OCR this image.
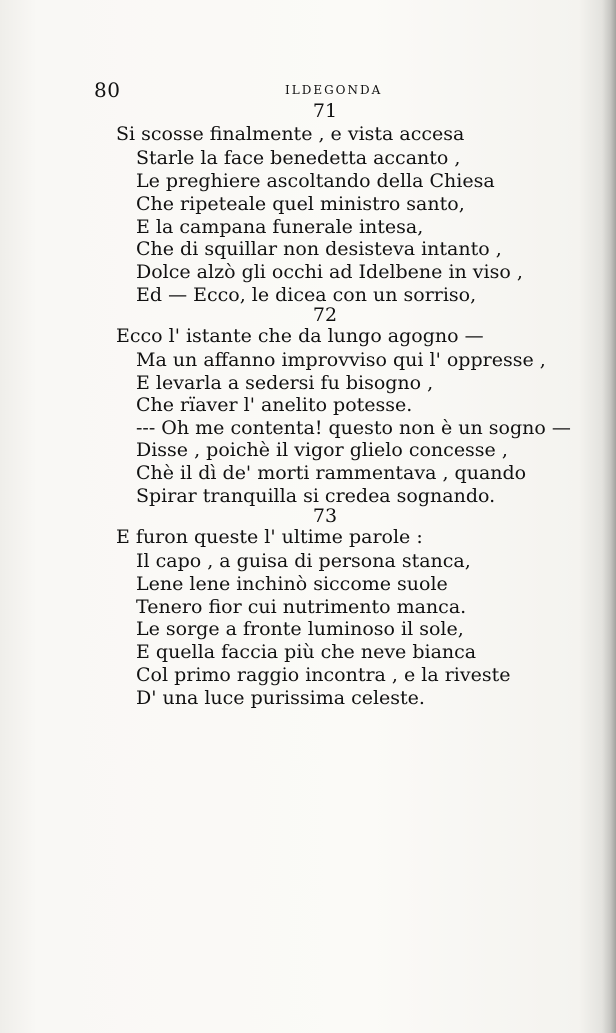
80	ILDEGONDA
71
Si scosse finalmente , e vista accesa
Starle la face benedetta accanto ,
Le preghiere ascoltando della Chiesa
Che ripeteale quel ministro santo,
E la campana funerale intesa,
Che di squillar non desisteva intanto ,
Dolce alzò gli occhi ad Idelbene in viso ,
Ed — Ecco, le dicea con un sorriso,
72
Ecco l' istante che da lungo agogno —
Ma un affanno improvviso qui l' oppresse ,
E levarla a sedersi fu bisogno ,
Che rïaver l' anelito potesse.
--- Oh me contenta! questo non è un sogno —
Disse , poichè il vigor glielo concesse ,
Chè il dì de' morti rammentava , quando
Spirar tranquilla si credea sognando.
73
E furon queste l' ultime parole :
Il capo , a guisa di persona stanca,
Lene lene inchinò siccome suole
Tenero fior cui nutrimento manca.
Le sorge a fronte luminoso il sole,
E quella faccia più che neve bianca
Col primo raggio incontra , e la riveste
D' una luce purissima celeste.
